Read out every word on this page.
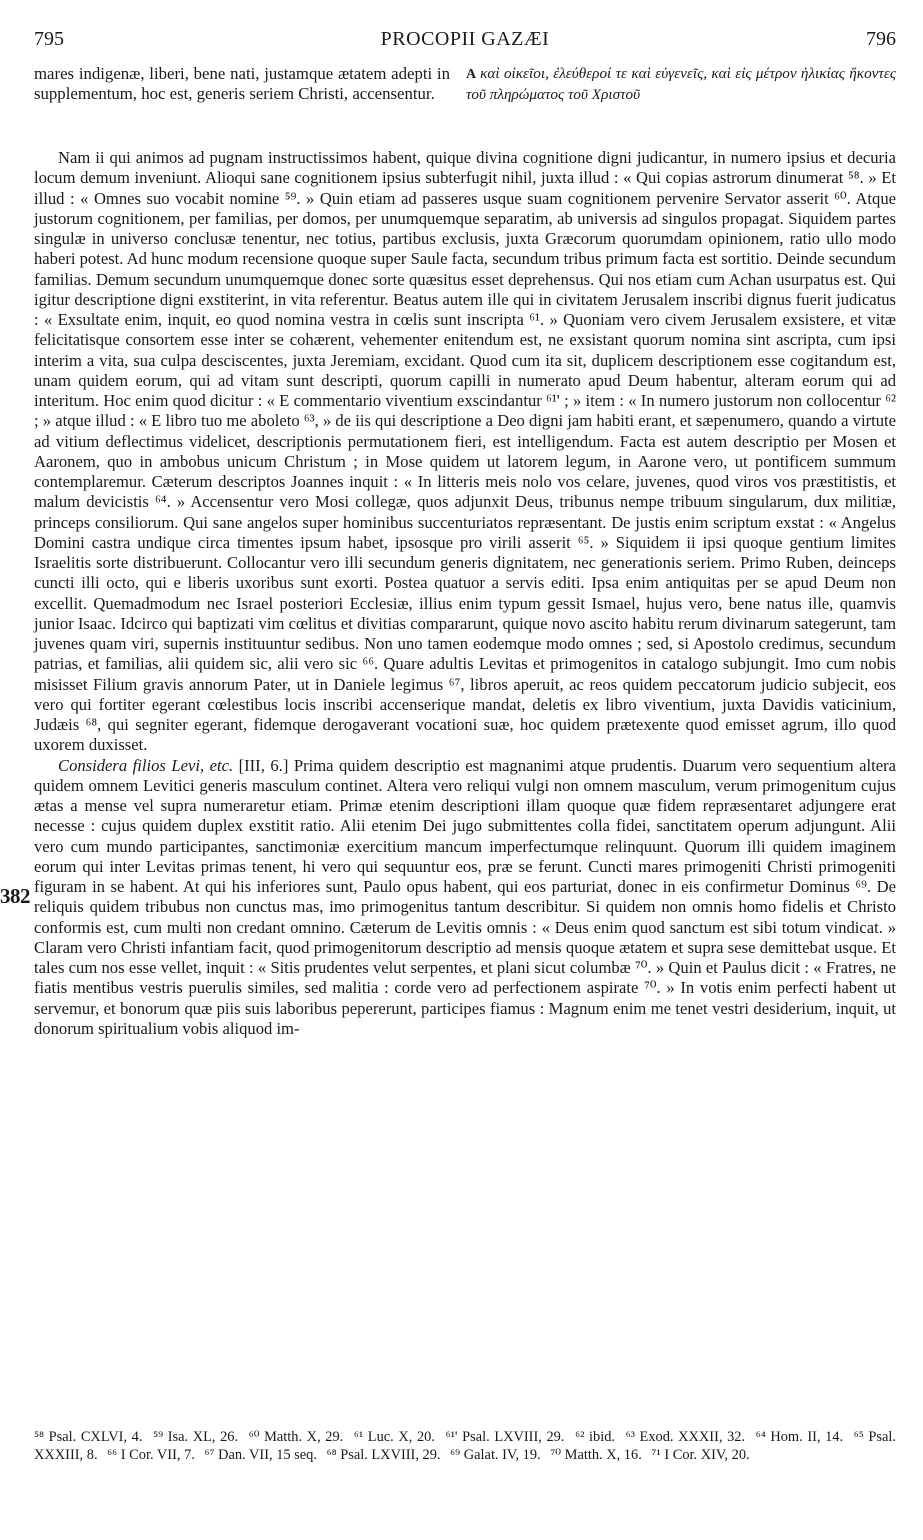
795	PROCOPII GAZÆI	796
mares indigenæ, liberi, bene nati, justamque ætatem adepti in supplementum, hoc est, generis seriem Christi, accensentur.
A καὶ οἰκεῖοι, ἐλεύθεροί τε καὶ εὐγενεῖς, καὶ εἰς μέτρον ἡλικίας ἥκοντες τοῦ πληρώματος τοῦ Χριστοῦ

Nam ii qui animos ad pugnam instructissimos habent, quique divina cognitione digni judicantur, in numero ipsius et decuria locum demum inveniunt. Alioqui sane cognitionem ipsius subterfugit nihil, juxta illud : « Qui copias astrorum dinumerat ⁵⁸. » Et illud : « Omnes suo vocabit nomine ⁵⁹. » Quin etiam ad passeres usque suam cognitionem pervenire Servator asserit ⁶⁰. Atque justorum cognitionem, per familias, per domos, per unumquemque separatim, ab universis ad singulos propagat. Siquidem partes singulæ in universo conclusæ tenentur, nec totius, partibus exclusis, juxta Græcorum quorumdam opinionem, ratio ullo modo haberi potest. Ad hunc modum recensione quoque super Saule facta, secundum tribus primum facta est sortitio. Deinde secundum familias. Demum secundum unumquemque donec sorte quæsitus esset deprehensus. Qui nos etiam cum Achan usurpatus est. Qui igitur descriptione digni exstiterint, in vita referentur. Beatus autem ille qui in civitatem Jerusalem inscribi dignus fuerit judicatus : « Exsultate enim, inquit, eo quod nomina vestra in cœlis sunt inscripta ⁶¹. » Quoniam vero civem Jerusalem exsistere, et vitæ felicitatisque consortem esse inter se cohærent, vehementer enitendum est, ne exsistant quorum nomina sint ascripta, cum ipsi interim a vita, sua culpa desciscentes, juxta Jeremiam, excidant. Quod cum ita sit, duplicem descriptionem esse cogitandum est, unam quidem eorum, qui ad vitam sunt descripti, quorum capilli in numerato apud Deum habentur, alteram eorum qui ad interitum. Hoc enim quod dicitur : « E commentario viventium exscindantur ⁶¹' ; » item : « In numero justorum non collocentur ⁶² ; » atque illud : « E libro tuo me aboleto ⁶³, » de iis qui descriptione a Deo digni jam habiti erant, et sæpenumero, quando a virtute ad vitium deflectimus videlicet, descriptionis permutationem fieri, est intelligendum. Facta est autem descriptio per Mosen et Aaronem, quo in ambobus unicum Christum ; in Mose quidem ut latorem legum, in Aarone vero, ut pontificem summum contemplaremur. Cæterum descriptos Joannes inquit : « In litteris meis nolo vos celare, juvenes, quod viros vos præstitistis, et malum devicistis ⁶⁴. » Accensentur vero Mosi collegæ, quos adjunxit Deus, tribunus nempe tribuum singularum, dux militiæ, princeps consiliorum. Qui sane angelos super hominibus succenturiatos repræsentant. De justis enim scriptum exstat : « Angelus Domini castra undique circa timentes ipsum habet, ipsosque pro virili asserit ⁶⁵. » Siquidem ii ipsi quoque gentium limites Israelitis sorte distribuerunt. Collocantur vero illi secundum generis dignitatem, nec generationis seriem. Primo Ruben, deinceps cuncti illi octo, qui e liberis uxoribus sunt exorti. Postea quatuor a servis editi. Ipsa enim antiquitas per se apud Deum non excellit. Quemadmodum nec Israel posteriori Ecclesiæ, illius enim typum gessit Ismael, hujus vero, bene natus ille, quamvis junior Isaac. Idcirco qui baptizati vim cœlitus et divitias compararunt, quique novo ascito habitu rerum divinarum sategerunt, tam juvenes quam viri, supernis instituuntur sedibus. Non uno tamen eodemque modo omnes ; sed, si Apostolo credimus, secundum patrias, et familias, alii quidem sic, alii vero sic ⁶⁶. Quare adultis Levitas et primogenitos in catalogo subjungit. Imo cum nobis misisset Filium gravis annorum Pater, ut in Daniele legimus ⁶⁷, libros aperuit, ac reos quidem peccatorum judicio subjecit, eos vero qui fortiter egerant cœlestibus locis inscribi accenserique mandat, deletis ex libro viventium, juxta Davidis vaticinium, Judæis ⁶⁸, qui segniter egerant, fidemque derogaverant vocationi suæ, hoc quidem prætexente quod emisset agrum, illo quod uxorem duxisset.

Considera filios Levi, etc. [III, 6.] Prima quidem descriptio est magnanimi atque prudentis. Duarum vero sequentium altera quidem omnem Levitici generis masculum continet. Altera vero reliqui vulgi non omnem masculum, verum primogenitum cujus ætas a mense vel supra numeraretur etiam. Primæ etenim descriptioni illam quoque quæ fidem repræsentaret adjungere erat necesse : cujus quidem duplex exstitit ratio. Alii etenim Dei jugo submittentes colla fidei, sanctitatem operum adjungunt. Alii vero cum mundo participantes, sanctimoniæ exercitium mancum imperfectumque relinquunt. Quorum illi quidem imaginem eorum qui inter Levitas primas tenent, hi vero qui sequuntur eos, præ se ferunt. Cuncti mares primogeniti Christi primogeniti figuram in se habent. At qui his inferiores sunt, Paulo opus habent, qui eos parturiat, donec in eis confirmetur Dominus ⁶⁹. De reliquis quidem tribubus non cunctus mas, imo primogenitus tantum describitur. Si quidem non omnis homo fidelis et Christo conformis est, cum multi non credant omnino. Cæterum de Levitis omnis : « Deus enim quod sanctum est sibi totum vindicat. » Claram vero Christi infantiam facit, quod primogenitorum descriptio ad mensis quoque ætatem et supra sese demittebat usque. Et tales cum nos esse vellet, inquit : « Sitis prudentes velut serpentes, et plani sicut columbæ ⁷⁰. » Quin et Paulus dicit : « Fratres, ne fiatis mentibus vestris puerulis similes, sed malitia : corde vero ad perfectionem aspirate ⁷⁰. » In votis enim perfecti habent ut servemur, et bonorum quæ piis suis laboribus pepererunt, participes fiamus : Magnum enim me tenet vestri desiderium, inquit, ut donorum spiritualium vobis aliquod im-

382
⁵⁸ Psal. CXLVI, 4. ⁵⁹ Isa. XL, 26. ⁶⁰ Matth. X, 29. ⁶¹ Luc. X, 20. ⁶¹' Psal. LXVIII, 29. ⁶² ibid. ⁶³ Exod. XXXII, 32. ⁶⁴ Hom. II, 14. ⁶⁵ Psal. XXXIII, 8. ⁶⁶ I Cor. VII, 7. ⁶⁷ Dan. VII, 15 seq. ⁶⁸ Psal. LXVIII, 29. ⁶⁹ Galat. IV, 19. ⁷⁰ Matth. X, 16. ⁷¹ I Cor. XIV, 20.
